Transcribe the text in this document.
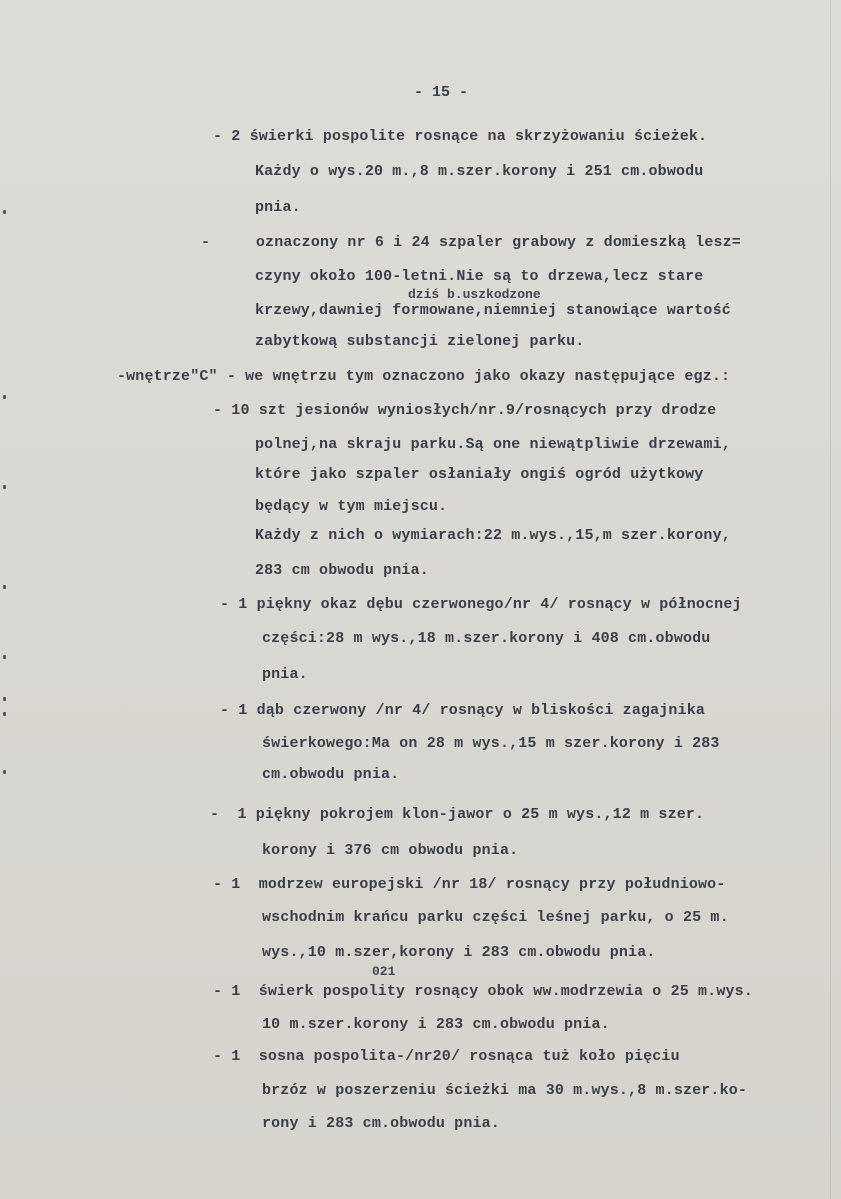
- 15 -
- 2 świerki pospolite rosnące na skrzyżowaniu ścieżek.
Każdy o wys.20 m.,8 m.szer.korony i 251 cm.obwodu
pnia.
-     oznaczony nr 6 i 24 szpaler grabowy z domieszką lesz=
czyny około 100-letni.Nie są to drzewa,lecz stare
dziś b.uszkodzone
krzewy,dawniej formowane,niemniej stanowiące wartość
zabytkową substancji zielonej parku.
-wnętrze"C" - we wnętrzu tym oznaczono jako okazy następujące egz.:
- 10 szt jesionów wyniosłych/nr.9/rosnących przy drodze
polnej,na skraju parku.Są one niewątpliwie drzewami,
które jako szpaler osłaniały ongiś ogród użytkowy
będący w tym miejscu.
Każdy z nich o wymiarach:22 m.wys.,15,m szer.korony,
283 cm obwodu pnia.
- 1 piękny okaz dębu czerwonego/nr 4/ rosnący w północnej
części:28 m wys.,18 m.szer.korony i 408 cm.obwodu
pnia.
- 1 dąb czerwony /nr 4/ rosnący w bliskości zagajnika
świerkowego:Ma on 28 m wys.,15 m szer.korony i 283
cm.obwodu pnia.
-  1 piękny pokrojem klon-jawor o 25 m wys.,12 m szer.
korony i 376 cm obwodu pnia.
- 1  modrzew europejski /nr 18/ rosnący przy południowo-
wschodnim krańcu parku części leśnej parku, o 25 m.
wys.,10 m.szer,korony i 283 cm.obwodu pnia.
021
- 1  świerk pospolity rosnący obok ww.modrzewia o 25 m.wys.
10 m.szer.korony i 283 cm.obwodu pnia.
- 1  sosna pospolita-/nr20/ rosnąca tuż koło pięciu
brzóz w poszerzeniu ścieżki ma 30 m.wys.,8 m.szer.ko-
rony i 283 cm.obwodu pnia.
